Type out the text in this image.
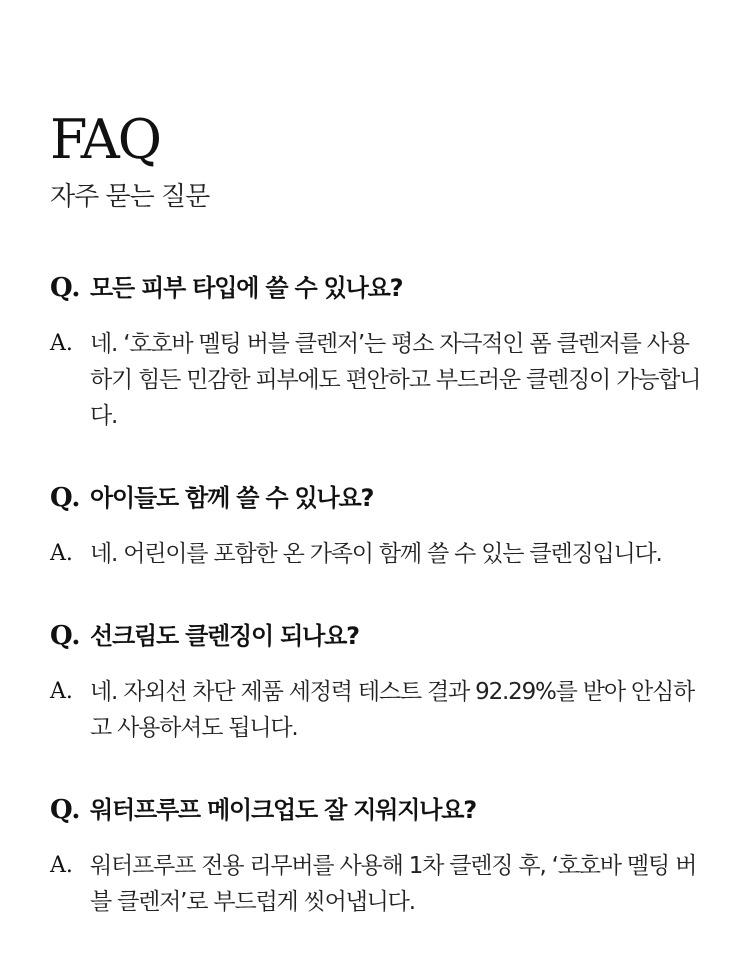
FAQ
자주 묻는 질문
Q. 모든 피부 타입에 쓸 수 있나요?
A. 네. ‘호호바 멜팅 버블 클렌저’는 평소 자극적인 폼 클렌저를 사용하기 힘든 민감한 피부에도 편안하고 부드러운 클렌징이 가능합니다.
Q. 아이들도 함께 쓸 수 있나요?
A. 네. 어린이를 포함한 온 가족이 함께 쓸 수 있는 클렌징입니다.
Q. 선크림도 클렌징이 되나요?
A. 네. 자외선 차단 제품 세정력 테스트 결과 92.29%를 받아 안심하고 사용하셔도 됩니다.
Q. 워터프루프 메이크업도 잘 지워지나요?
A. 워터프루프 전용 리무버를 사용해 1차 클렌징 후, ‘호호바 멜팅 버블 클렌저’로 부드럽게 씻어냅니다.
